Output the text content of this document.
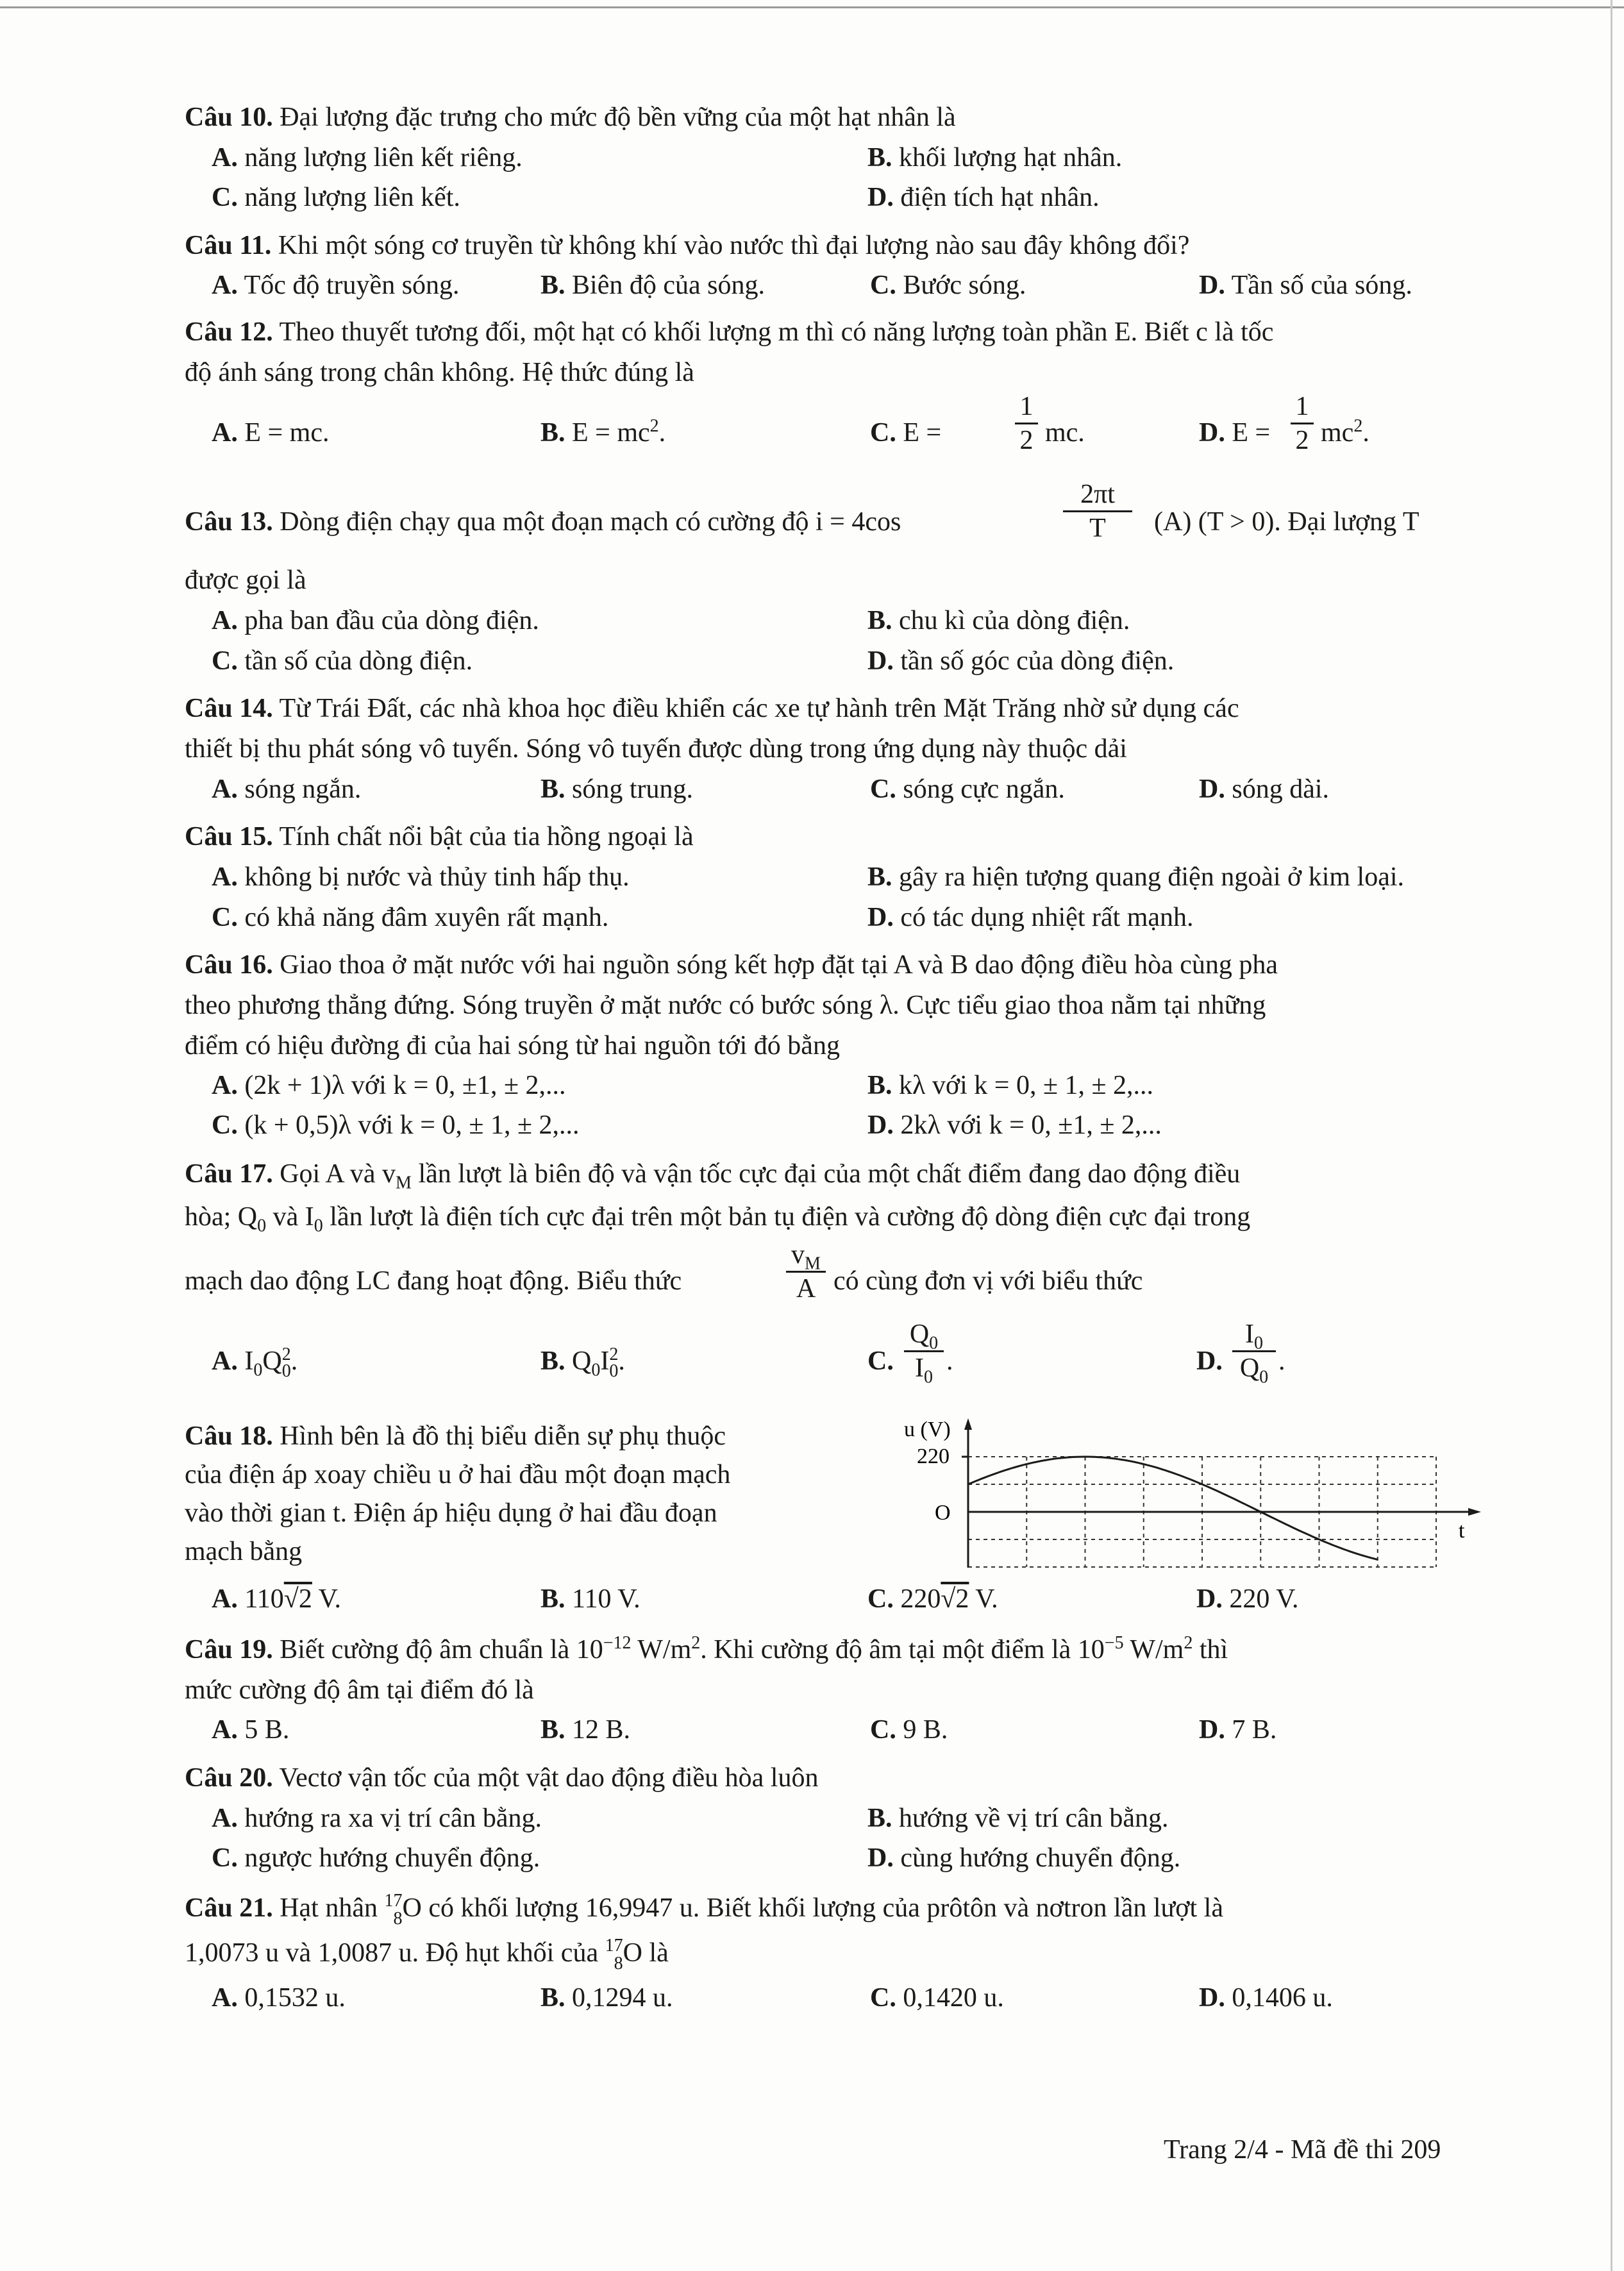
Câu 10. Đại lượng đặc trưng cho mức độ bền vững của một hạt nhân là
A. năng lượng liên kết riêng.	B. khối lượng hạt nhân.
C. năng lượng liên kết.	D. điện tích hạt nhân.
Câu 11. Khi một sóng cơ truyền từ không khí vào nước thì đại lượng nào sau đây không đổi?
A. Tốc độ truyền sóng.	B. Biên độ của sóng.	C. Bước sóng.	D. Tần số của sóng.
Câu 12. Theo thuyết tương đối, một hạt có khối lượng m thì có năng lượng toàn phần E. Biết c là tốc
độ ánh sáng trong chân không. Hệ thức đúng là
A. E = mc.	B. $E = mc^2$.	C. E =
1
2 mc.	D. E =
1
2 $mc^2$.
Câu 13. Dòng điện chạy qua một đoạn mạch có cường độ i = 4cos
2πt
T	(A) (T > 0). Đại lượng T
được gọi là
A. pha ban đầu của dòng điện.	B. chu kì của dòng điện.
C. tần số của dòng điện.	D. tần số góc của dòng điện.
Câu 14. Từ Trái Đất, các nhà khoa học điều khiển các xe tự hành trên Mặt Trăng nhờ sử dụng các
thiết bị thu phát sóng vô tuyến. Sóng vô tuyến được dùng trong ứng dụng này thuộc dải
A. sóng ngắn.	B. sóng trung.	C. sóng cực ngắn.	D. sóng dài.
Câu 15. Tính chất nổi bật của tia hồng ngoại là
A. không bị nước và thủy tinh hấp thụ.	B. gây ra hiện tượng quang điện ngoài ở kim loại.
C. có khả năng đâm xuyên rất mạnh.	D. có tác dụng nhiệt rất mạnh.
Câu 16. Giao thoa ở mặt nước với hai nguồn sóng kết hợp đặt tại A và B dao động điều hòa cùng pha
theo phương thẳng đứng. Sóng truyền ở mặt nước có bước sóng λ. Cực tiểu giao thoa nằm tại những
điểm có hiệu đường đi của hai sóng từ hai nguồn tới đó bằng
A. (2k + 1)λ với k = 0, ±1, ± 2,...	B. kλ với k = 0, ± 1, ± 2,...
C. (k + 0,5)λ với k = 0, ± 1, ± 2,...	D. 2kλ với k = 0, ±1, ± 2,...
Câu 17. Gọi A và $v_M$ lần lượt là biên độ và vận tốc cực đại của một chất điểm đang dao động điều
hòa; $Q_0$ và $I_0$ lần lượt là điện tích cực đại trên một bản tụ điện và cường độ dòng điện cực đại trong
mạch dao động LC đang hoạt động. Biểu thức
$v_M$
A có cùng đơn vị với biểu thức
A. $I_0Q$ 2
0 .	B. $Q_0I$ 2
0 .	C.
$Q_0$
$I_0$
.	D.
$I_0$
$Q_0$
.
Câu 18. Hình bên là đồ thị biểu diễn sự phụ thuộc
của điện áp xoay chiều u ở hai đầu một đoạn mạch
vào thời gian t. Điện áp hiệu dụng ở hai đầu đoạn
mạch bằng
u (V)
220
O
t
A. 110√2 V.	B. 110 V.	C. 220√2 V.	D. 220 V.
Câu 19. Biết cường độ âm chuẩn là $10^{-12}$ $W/m^2$. Khi cường độ âm tại một điểm là $10^{-5}$ $W/m^2$ thì
mức cường độ âm tại điểm đó là
A. 5 B.	B. 12 B.	C. 9 B.	D. 7 B.
Câu 20. Vectơ vận tốc của một vật dao động điều hòa luôn
A. hướng ra xa vị trí cân bằng.	B. hướng về vị trí cân bằng.
C. ngược hướng chuyển động.	D. cùng hướng chuyển động.
Câu 21. Hạt nhân 17
8 O có khối lượng 16,9947 u. Biết khối lượng của prôtôn và nơtron lần lượt là
1,0073 u và 1,0087 u. Độ hụt khối của 17
8 O là
A. 0,1532 u.	B. 0,1294 u.	C. 0,1420 u.	D. 0,1406 u.
Trang 2/4 - Mã đề thi 209
